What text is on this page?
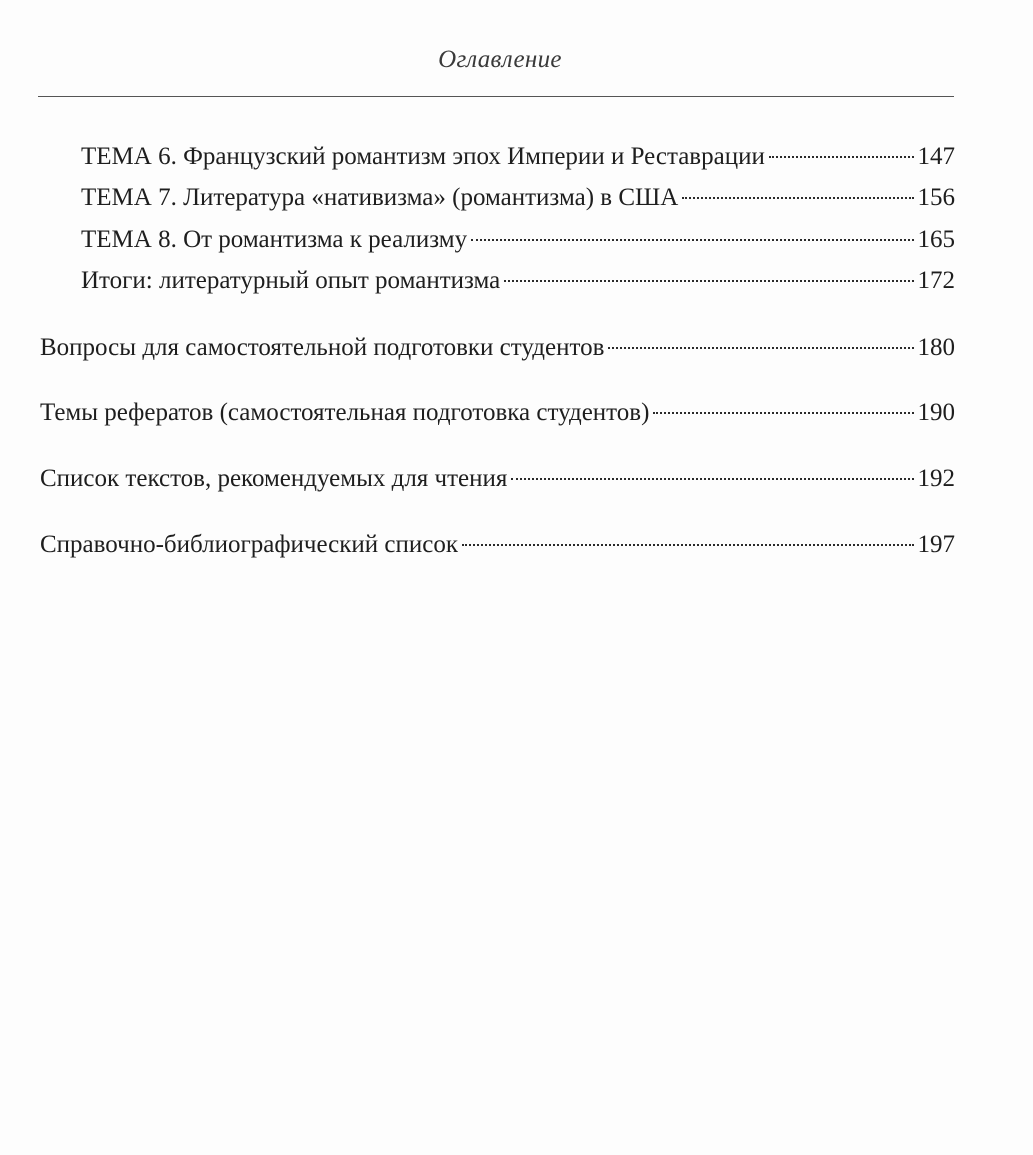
Оглавление
ТЕМА 6. Французский романтизм эпох Империи и Реставрации	147
ТЕМА 7. Литература «нативизма» (романтизма) в США	156
ТЕМА 8. От романтизма к реализму	165
Итоги: литературный опыт романтизма	172
Вопросы для самостоятельной подготовки студентов	180
Темы рефератов (самостоятельная подготовка студентов)	190
Список текстов, рекомендуемых для чтения	192
Справочно-библиографический список	197
